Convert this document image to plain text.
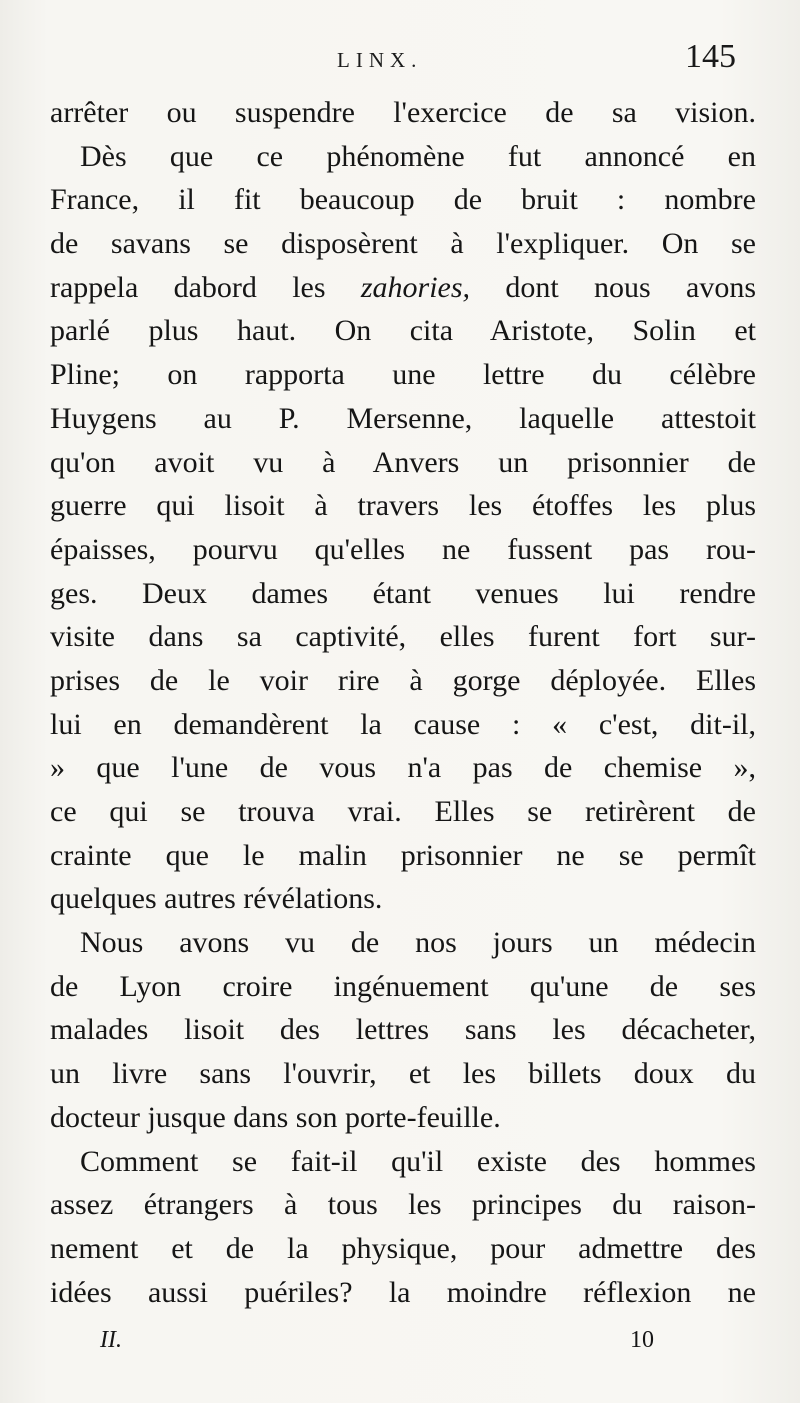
LINX.	145
arrêter ou suspendre l'exercice de sa vision.
Dès que ce phénomène fut annoncé en
France, il fit beaucoup de bruit : nombre
de savans se disposèrent à l'expliquer. On se
rappela dabord les zahories, dont nous avons
parlé plus haut. On cita Aristote, Solin et
Pline; on rapporta une lettre du célèbre
Huygens au P. Mersenne, laquelle attestoit
qu'on avoit vu à Anvers un prisonnier de
guerre qui lisoit à travers les étoffes les plus
épaisses, pourvu qu'elles ne fussent pas rou-
ges. Deux dames étant venues lui rendre
visite dans sa captivité, elles furent fort sur-
prises de le voir rire à gorge déployée. Elles
lui en demandèrent la cause : « c'est, dit-il,
» que l'une de vous n'a pas de chemise »,
ce qui se trouva vrai. Elles se retirèrent de
crainte que le malin prisonnier ne se permît
quelques autres révélations.
Nous avons vu de nos jours un médecin
de Lyon croire ingénuement qu'une de ses
malades lisoit des lettres sans les décacheter,
un livre sans l'ouvrir, et les billets doux du
docteur jusque dans son porte-feuille.
Comment se fait-il qu'il existe des hommes
assez étrangers à tous les principes du raison-
nement et de la physique, pour admettre des
idées aussi puériles? la moindre réflexion ne
II.	10
